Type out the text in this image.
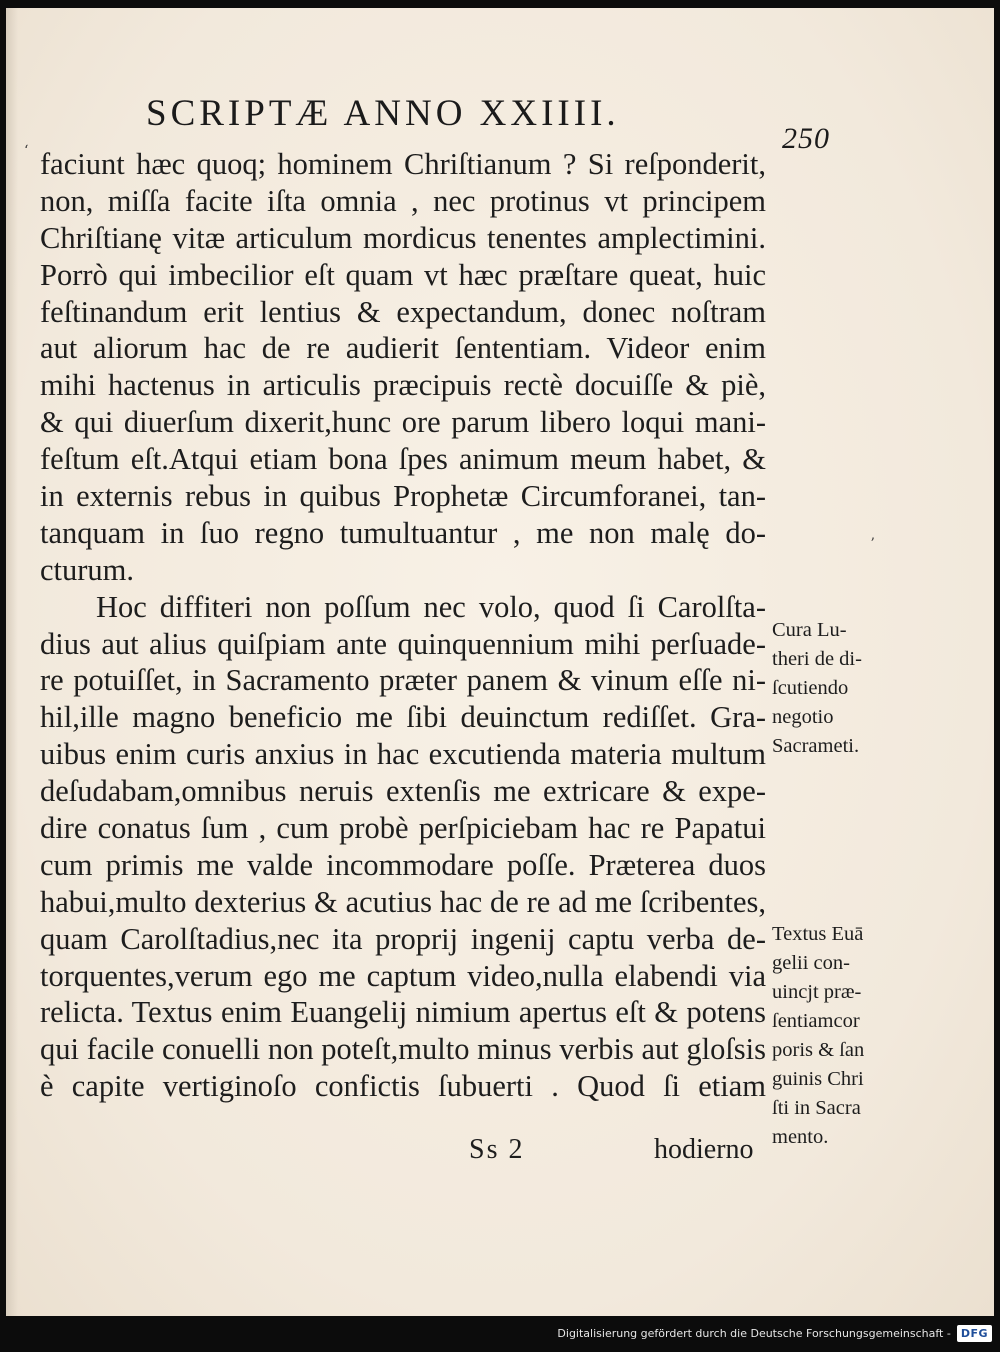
SCRIPTÆ ANNO XXIIII.
250
faciunt hæc quoq; hominem Chriſtianum ? Si reſponderit,
non, miſſa facite iſta omnia , nec protinus vt principem
Chriſtianę vitæ articulum mordicus tenentes amplectimini.
Porrò qui imbecilior eſt quam vt hæc præſtare queat, huic
feſtinandum erit lentius & expectandum, donec noſtram
aut aliorum hac de re audierit ſententiam. Videor enim
mihi hactenus in articulis præcipuis rectè docuiſſe & piè,
& qui diuerſum dixerit,hunc ore parum libero loqui mani-
feſtum eſt.Atqui etiam bona ſpes animum meum habet, &
in externis rebus in quibus Prophetæ Circumforanei, tan-
tanquam in ſuo regno tumultuantur , me non malę do-
cturum.
Hoc diffiteri non poſſum nec volo, quod ſi Carolſta-
dius aut alius quiſpiam ante quinquennium mihi perſuade-
re potuiſſet, in Sacramento præter panem & vinum eſſe ni-
hil,ille magno beneficio me ſibi deuinctum rediſſet. Gra-
uibus enim curis anxius in hac excutienda materia multum
deſudabam,omnibus neruis extenſis me extricare & expe-
dire conatus ſum , cum probè perſpiciebam hac re Papatui
cum primis me valde incommodare poſſe. Præterea duos
habui,multo dexterius & acutius hac de re ad me ſcribentes,
quam Carolſtadius,nec ita proprij ingenij captu verba de-
torquentes,verum ego me captum video,nulla elabendi via
relicta. Textus enim Euangelij nimium apertus eſt & potens
qui facile conuelli non poteſt,multo minus verbis aut gloſsis
è capite vertiginoſo confictis ſubuerti . Quod ſi etiam
Cura Lu-
theri de di-
ſcutiendo
negotio
Sacrameti.
Textus Euā
gelii con-
uincjt præ-
ſentiamcor
poris & ſan
guinis Chri
ſti in Sacra
mento.
Ss 2	hodierno
ʻ
ʼ
Digitalisierung gefördert durch die Deutsche Forschungsgemeinschaft - DFG
